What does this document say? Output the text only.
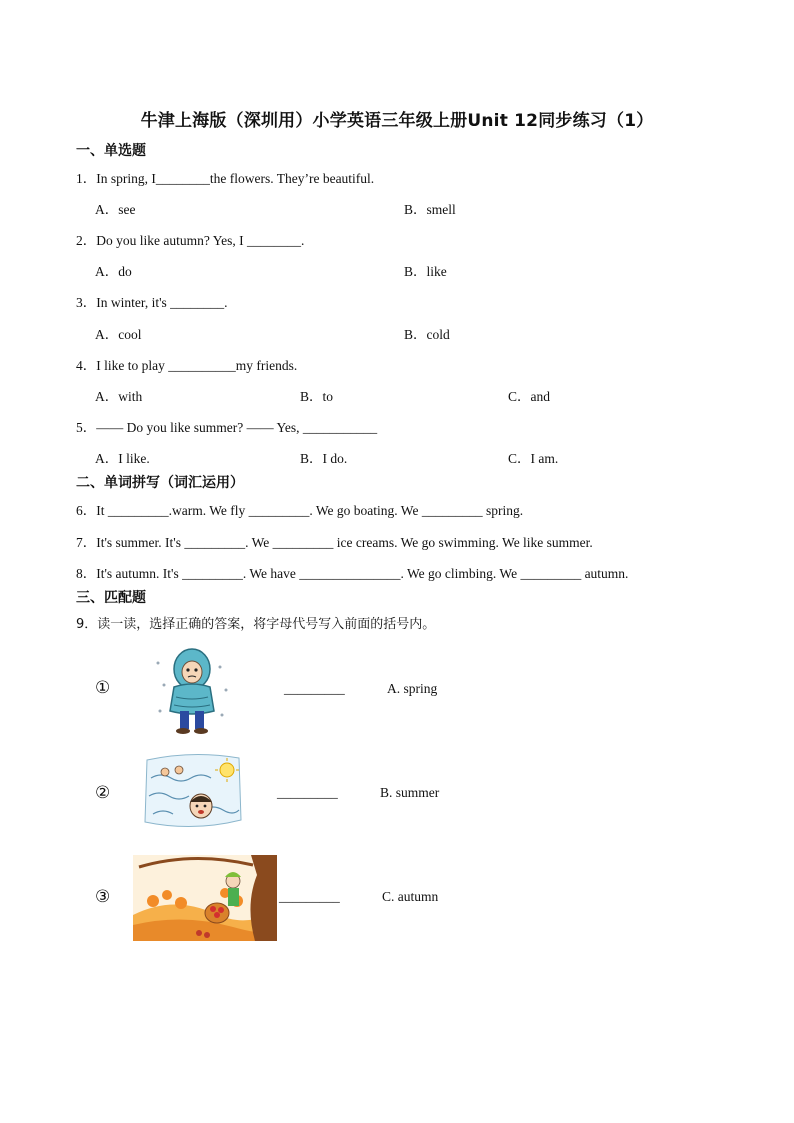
牛津上海版（深圳用）小学英语三年级上册Unit 12同步练习（1）
一、单选题
1．In spring, I________the flowers. They’re beautiful.
A．see	B．smell
2．Do you like autumn? Yes, I ________.
A．do	B．like
3．In winter, it's ________.
A．cool	B．cold
4．I like to play __________my friends.
A．with	B．to	C．and
5．—— Do you like summer? —— Yes, ___________
A．I like.	B．I do.	C．I am.
二、单词拼写（词汇运用）
6．It _________.warm. We fly _________. We go boating. We _________ spring.
7．It's summer. It's _________. We _________ ice creams. We go swimming. We like summer.
8．It's autumn. It's _________. We have _______________. We go climbing. We _________ autumn.
三、匹配题
9．读一读，选择正确的答案，将字母代号写入前面的括号内。
①	_________	A. spring
②	_________	B. summer
③	_________	C. autumn
